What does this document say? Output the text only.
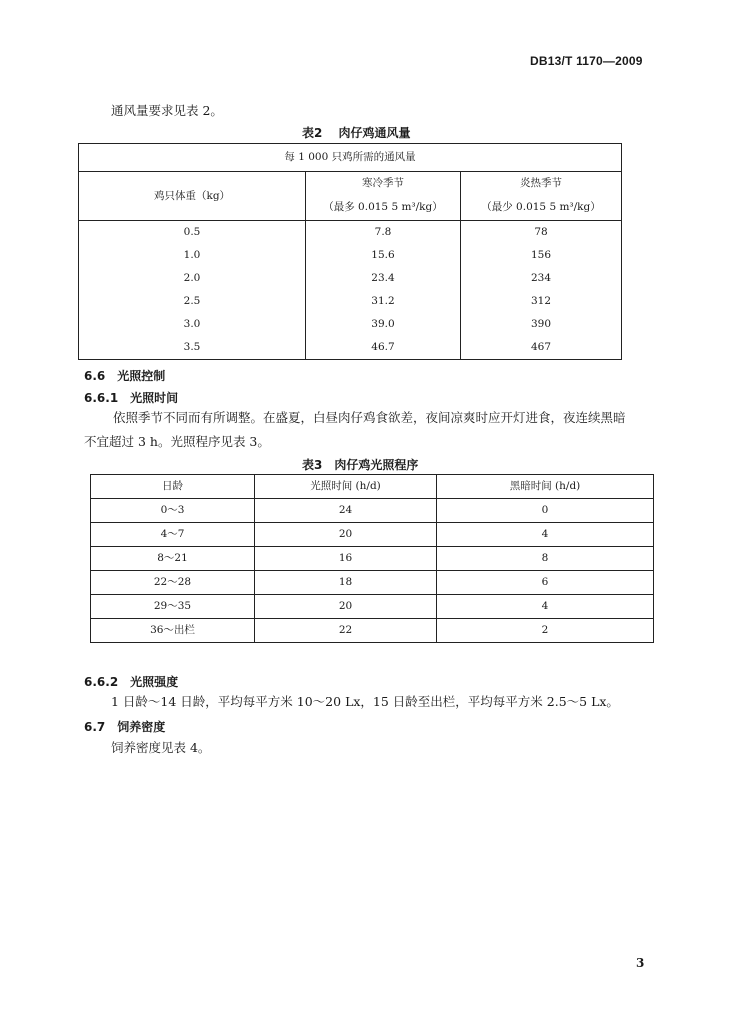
DB13/T 1170—2009
通风量要求见表 2。
表2　 肉仔鸡通风量
每 1 000 只鸡所需的通风量		
鸡只体重（kg）	寒冷季节	炎热季节
	（最多 0.015 5 m³/kg）	（最少 0.015 5 m³/kg）
0.5	7.8	78
1.0	15.6	156
2.0	23.4	234
2.5	31.2	312
3.0	39.0	390
3.5	46.7	467
6.6　光照控制
6.6.1　光照时间
依照季节不同而有所调整。在盛夏，白昼肉仔鸡食欲差，夜间凉爽时应开灯进食，夜连续黑暗
不宜超过 3 h。光照程序见表 3。
表3　肉仔鸡光照程序
日龄	光照时间 (h/d)	黑暗时间 (h/d)
0～3	24	0
4～7	20	4
8～21	16	8
22～28	18	6
29～35	20	4
36～出栏	22	2
6.6.2　光照强度
1 日龄～14 日龄，平均每平方米 10～20 Lx，15 日龄至出栏，平均每平方米 2.5～5 Lx。
6.7　饲养密度
饲养密度见表 4。
3
